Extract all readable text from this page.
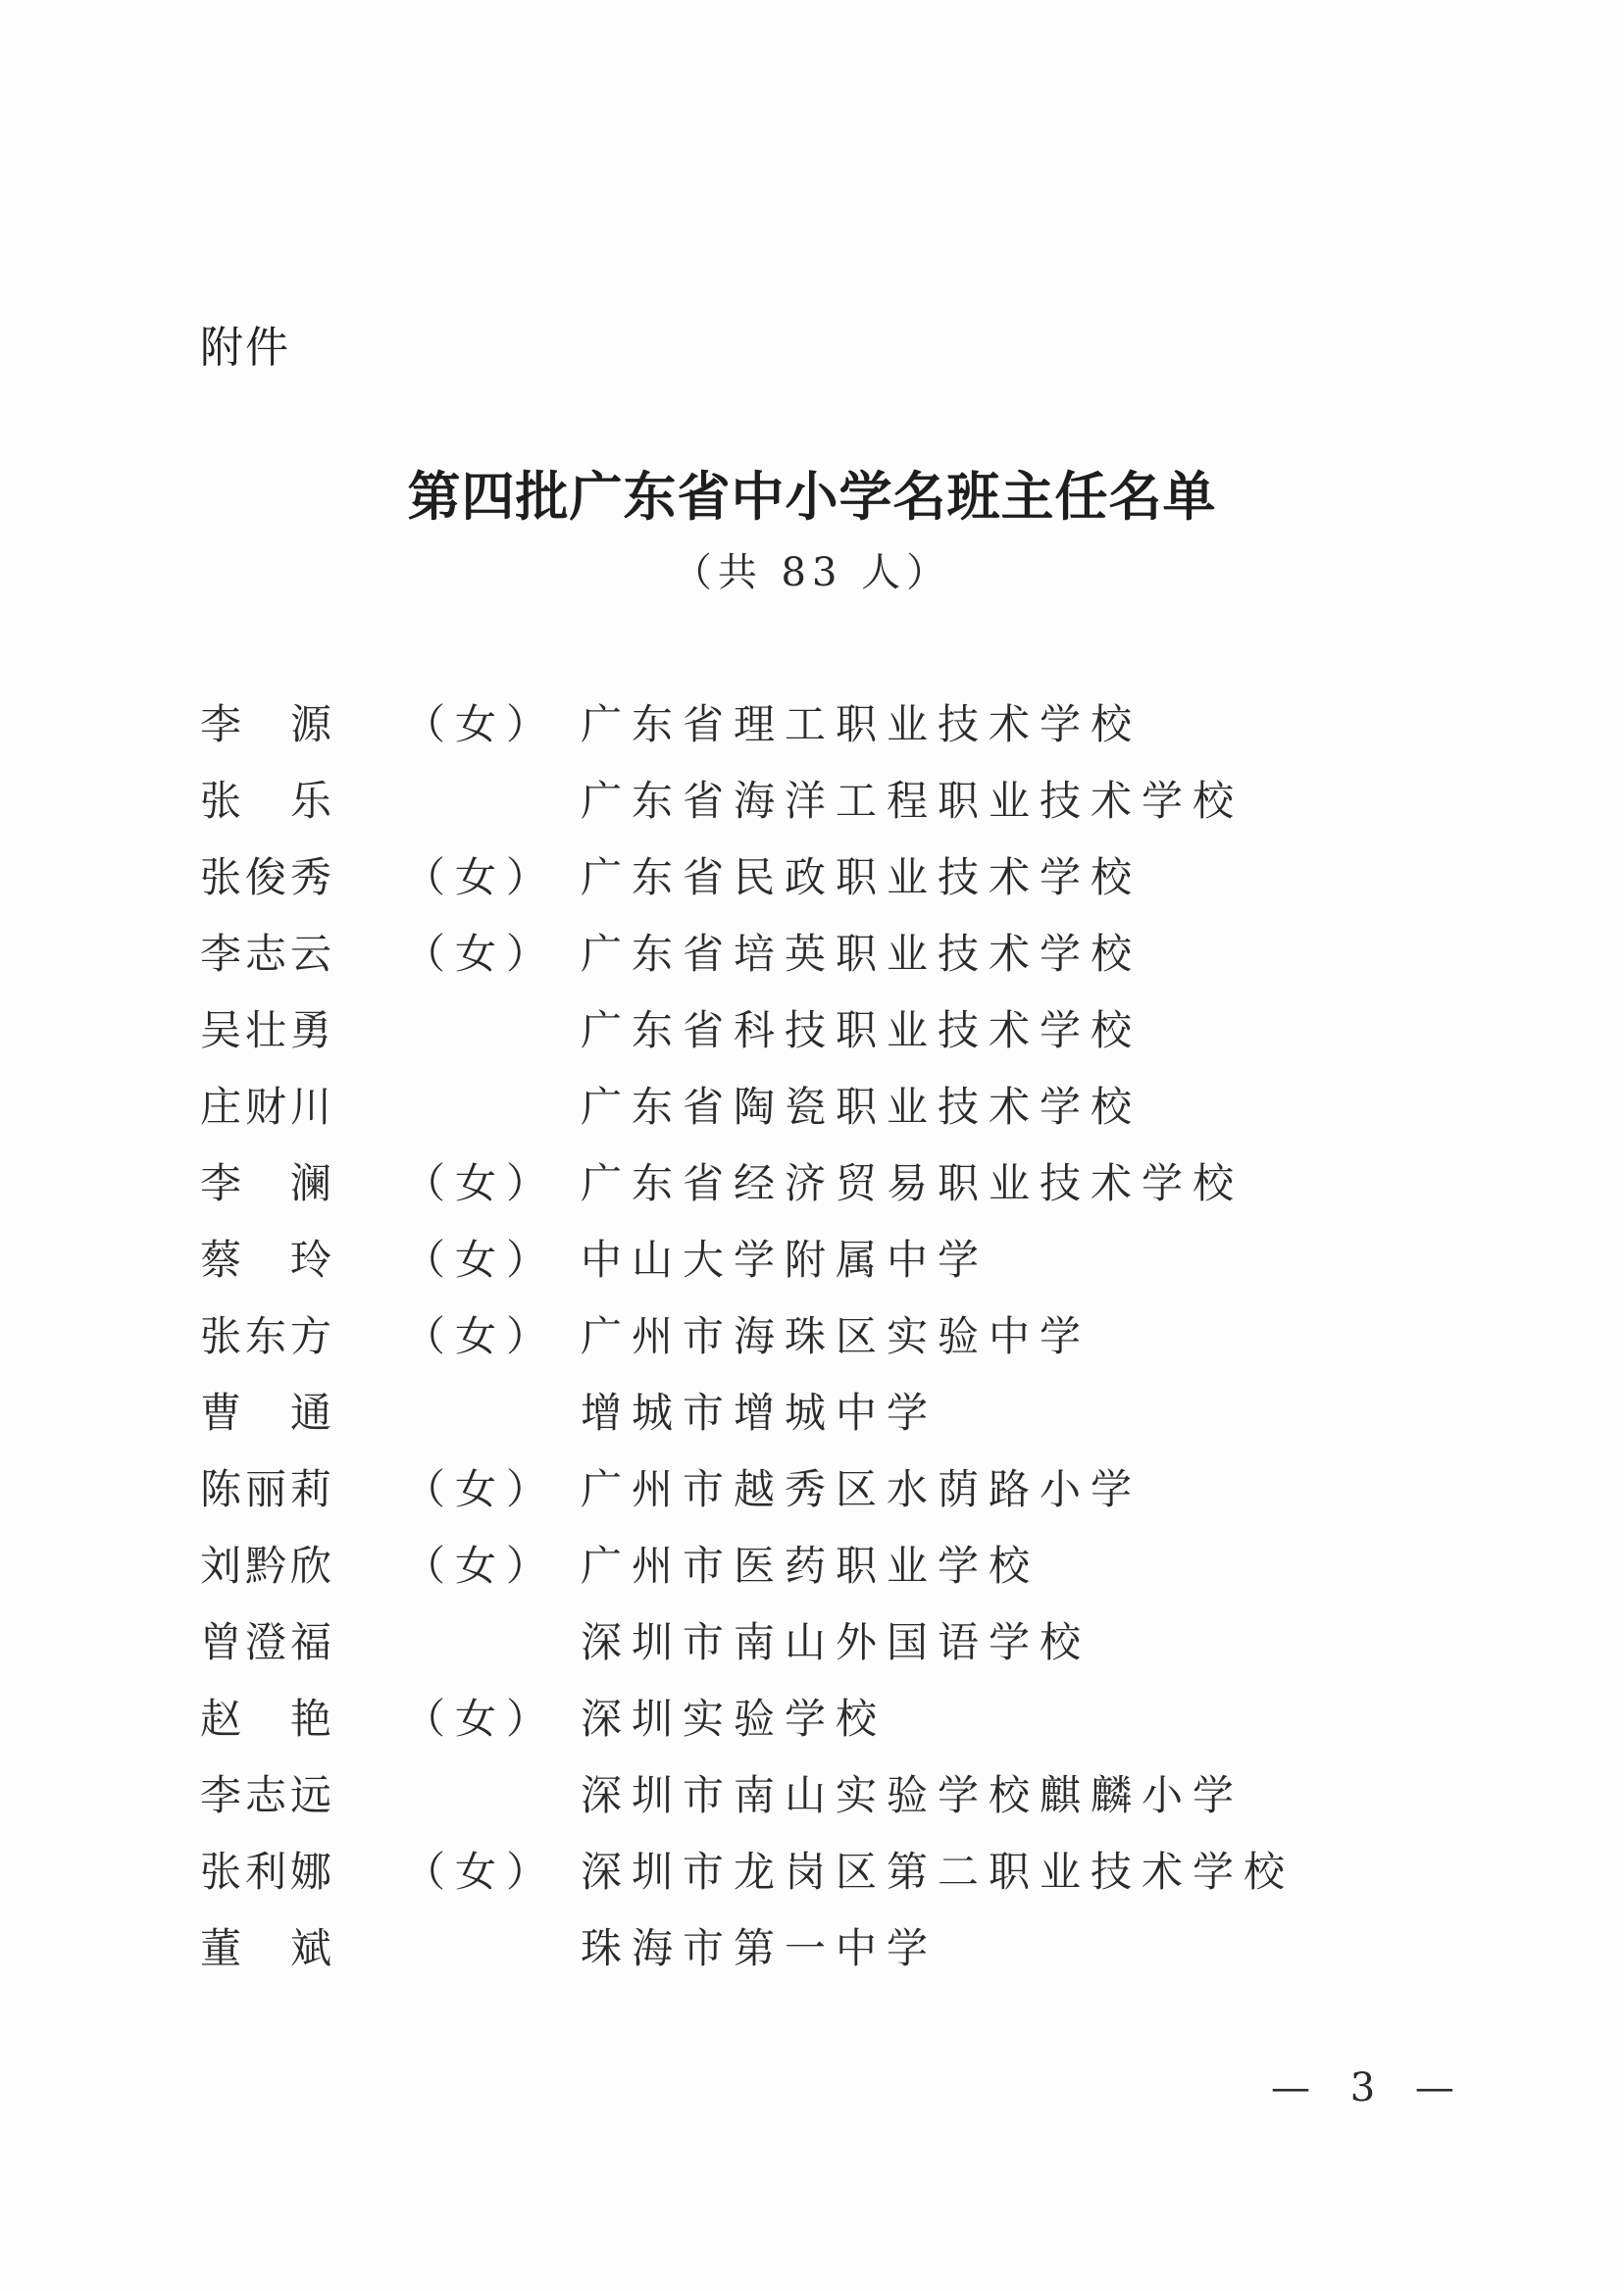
附件
第四批广东省中小学名班主任名单
（共 83 人）
李　源 （女） 广东省理工职业技术学校
张　乐	广东省海洋工程职业技术学校
张俊秀 （女） 广东省民政职业技术学校
李志云 （女） 广东省培英职业技术学校
吴壮勇	广东省科技职业技术学校
庄财川	广东省陶瓷职业技术学校
李　澜 （女） 广东省经济贸易职业技术学校
蔡　玲 （女） 中山大学附属中学
张东方 （女） 广州市海珠区实验中学
曹　通	增城市增城中学
陈丽莉 （女） 广州市越秀区水荫路小学
刘黔欣 （女） 广州市医药职业学校
曾澄福	深圳市南山外国语学校
赵　艳 （女） 深圳实验学校
李志远	深圳市南山实验学校麒麟小学
张利娜 （女） 深圳市龙岗区第二职业技术学校
董　斌	珠海市第一中学
— 3 —
